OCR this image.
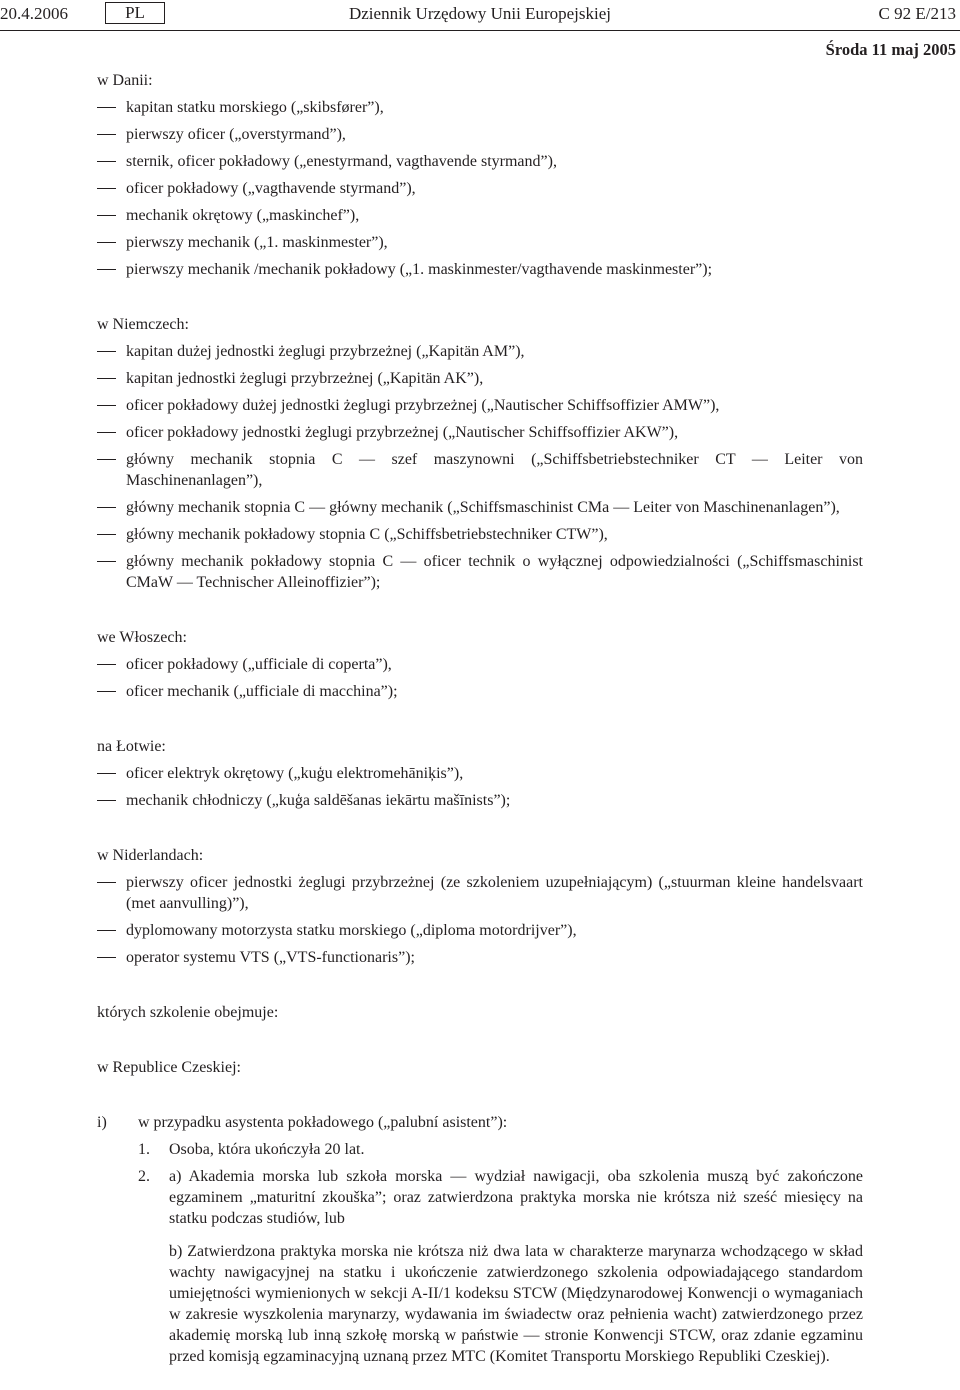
20.4.2006	PL	Dziennik Urzędowy Unii Europejskiej	C 92 E/213
Środa 11 maj 2005

w Danii:

kapitan statku morskiego („skibsfører”),
pierwszy oficer („overstyrmand”),
sternik, oficer pokładowy („enestyrmand, vagthavende styrmand”),
oficer pokładowy („vagthavende styrmand”),
mechanik okrętowy („maskinchef”),
pierwszy mechanik („1. maskinmester”),
pierwszy mechanik /mechanik pokładowy („1. maskinmester/vagthavende maskinmester”);

w Niemczech:

kapitan dużej jednostki żeglugi przybrzeżnej („Kapitän AM”),
kapitan jednostki żeglugi przybrzeżnej („Kapitän AK”),
oficer pokładowy dużej jednostki żeglugi przybrzeżnej („Nautischer Schiffsoffizier AMW”),
oficer pokładowy jednostki żeglugi przybrzeżnej („Nautischer Schiffsoffizier AKW”),
główny mechanik stopnia C — szef maszynowni („Schiffsbetriebstechniker CT — Leiter von Maschinenanlagen”),
główny mechanik stopnia C — główny mechanik („Schiffsmaschinist CMa — Leiter von Maschinenanlagen”),
główny mechanik pokładowy stopnia C („Schiffsbetriebstechniker CTW”),
główny mechanik pokładowy stopnia C — oficer technik o wyłącznej odpowiedzialności („Schiffsmaschinist CMaW — Technischer Alleinoffizier”);

we Włoszech:

oficer pokładowy („ufficiale di coperta”),
oficer mechanik („ufficiale di macchina”);

na Łotwie:

oficer elektryk okrętowy („kuģu elektromehāniķis”),
mechanik chłodniczy („kuģa saldēšanas iekārtu mašīnists”);

w Niderlandach:

pierwszy oficer jednostki żeglugi przybrzeżnej (ze szkoleniem uzupełniającym) („stuurman kleine handelsvaart (met aanvulling)”),
dyplomowany motorzysta statku morskiego („diploma motordrijver”),
operator systemu VTS („VTS-functionaris”);

których szkolenie obejmuje:

w Republice Czeskiej:

i) w przypadku asystenta pokładowego („palubní asistent”):
1. Osoba, która ukończyła 20 lat.
2. a) Akademia morska lub szkoła morska — wydział nawigacji, oba szkolenia muszą być zakończone egzaminem „maturitní zkouška”; oraz zatwierdzona praktyka morska nie krótsza niż sześć miesięcy na statku podczas studiów, lub

b) Zatwierdzona praktyka morska nie krótsza niż dwa lata w charakterze marynarza wchodzącego w skład wachty nawigacyjnej na statku i ukończenie zatwierdzonego szkolenia odpowiadającego standardom umiejętności wymienionych w sekcji A-II/1 kodeksu STCW (Międzynarodowej Konwencji o wymaganiach w zakresie wyszkolenia marynarzy, wydawania im świadectw oraz pełnienia wacht) zatwierdzonego przez akademię morską lub inną szkołę morską w państwie — stronie Konwencji STCW, oraz zdanie egzaminu przed komisją egzaminacyjną uznaną przez MTC (Komitet Transportu Morskiego Republiki Czeskiej).
